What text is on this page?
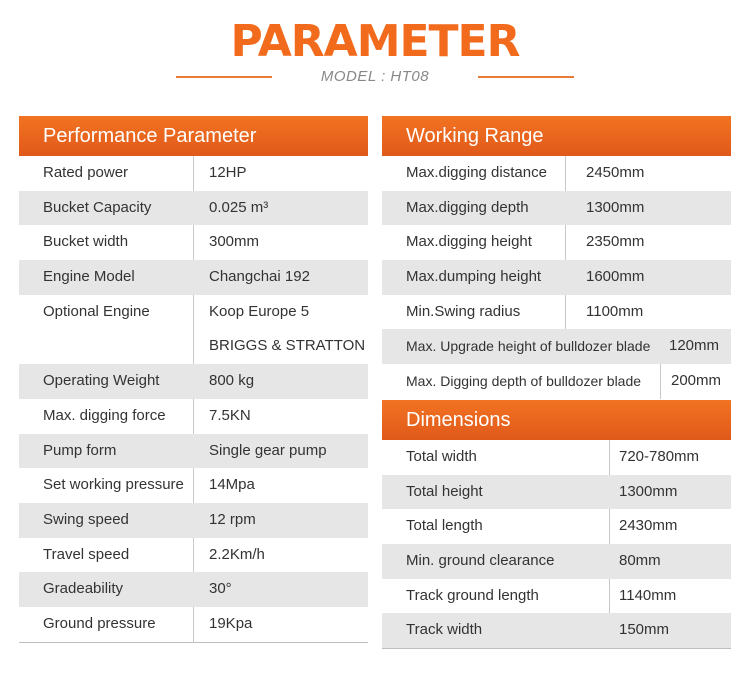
PARAMETER
MODEL : HT08
Performance Parameter
Rated power	12HP
Bucket Capacity	0.025 m³
Bucket width	300mm
Engine Model	Changchai 192
Optional Engine	Koop Europe 5
BRIGGS & STRATTON
Operating Weight	800 kg
Max. digging force	7.5KN
Pump form	Single gear pump
Set working pressure 14Mpa
Swing speed	12 rpm
Travel speed	2.2Km/h
Gradeability	30°
Ground pressure	19Kpa
Working Range
Max.digging distance	2450mm
Max.digging depth	1300mm
Max.digging height	2350mm
Max.dumping height	1600mm
Min.Swing radius	1100mm
Max. Upgrade height of bulldozer blade 120mm
Max. Digging depth of bulldozer blade 200mm
Dimensions
Total width	720-780mm
Total height	1300mm
Total length	2430mm
Min. ground clearance	80mm
Track ground length	1140mm
Track width	150mm
